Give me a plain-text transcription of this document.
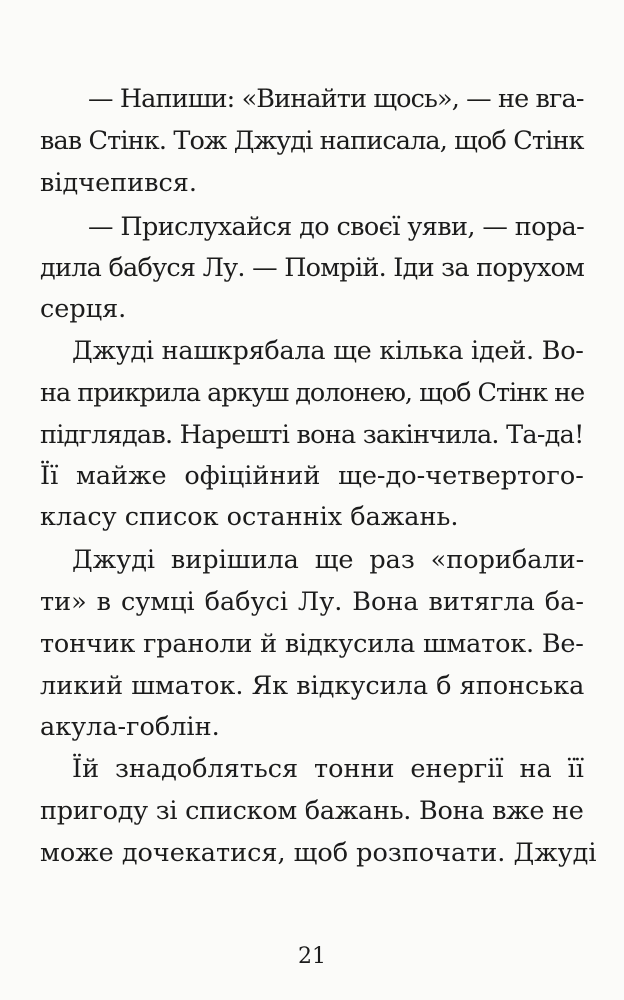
— Напиши: «Винайти щось», — не вга-
вав Стінк. Тож Джуді написала, щоб Стінк
відчепився.
— Прислухайся до своєї уяви, — пора-
дила бабуся Лу. — Помрій. Іди за порухом
серця.
Джуді нашкрябала ще кілька ідей. Во-
на прикрила аркуш долонею, щоб Стінк не
підглядав. Нарешті вона закінчила. Та-да!
Її майже офіційний ще-до-четвертого-
класу список останніх бажань.
Джуді вирішила ще раз «порибали-
ти» в сумці бабусі Лу. Вона витягла ба-
тончик граноли й відкусила шматок. Ве-
ликий шматок. Як відкусила б японська
акула-гоблін.
Їй знадобляться тонни енергії на її
пригоду зі списком бажань. Вона вже не
може дочекатися, щоб розпочати. Джуді
21
